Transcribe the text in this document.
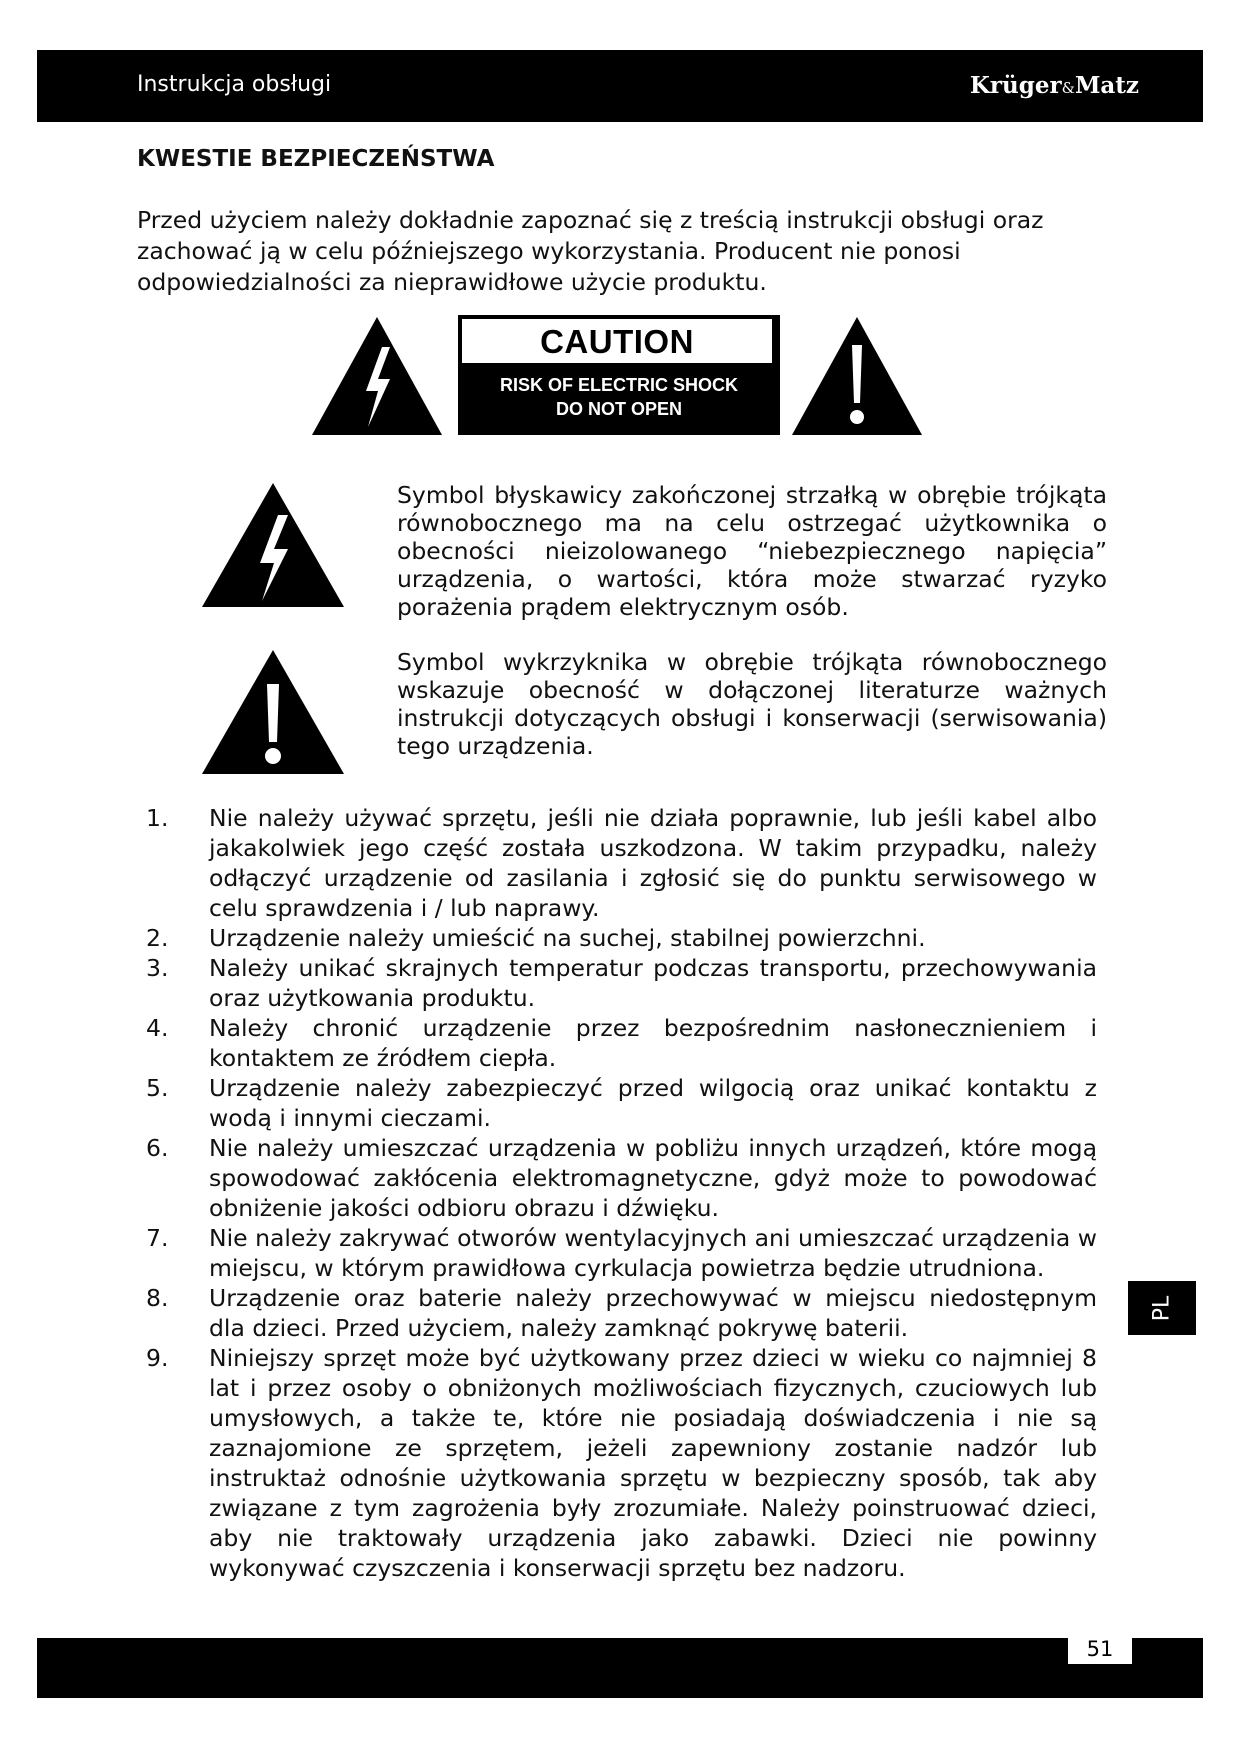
Instrukcja obsługi	Krüger&Matz
KWESTIE BEZPIECZEŃSTWA

Przed użyciem należy dokładnie zapoznać się z treścią instrukcji obsługi oraz zachować ją w celu późniejszego wykorzystania. Producent nie ponosi odpowiedzialności za nieprawidłowe użycie produktu.

CAUTION
RISK OF ELECTRIC SHOCK
DO NOT OPEN

Symbol błyskawicy zakończonej strzałką w obrębie trójkąta równobocznego ma na celu ostrzegać użytkownika o obecności nieizolowanego “niebezpiecznego napięcia” urządzenia, o wartości, która może stwarzać ryzyko porażenia prądem elektrycznym osób.

Symbol wykrzyknika w obrębie trójkąta równobocznego wskazuje obecność w dołączonej literaturze ważnych instrukcji dotyczących obsługi i konserwacji (serwisowania) tego urządzenia.

1. Nie należy używać sprzętu, jeśli nie działa poprawnie, lub jeśli kabel albo jakakolwiek jego część została uszkodzona. W takim przypadku, należy odłączyć urządzenie od zasilania i zgłosić się do punktu serwisowego w celu sprawdzenia i / lub naprawy.
2. Urządzenie należy umieścić na suchej, stabilnej powierzchni.
3. Należy unikać skrajnych temperatur podczas transportu, przechowywania oraz użytkowania produktu.
4. Należy chronić urządzenie przez bezpośrednim nasłonecznieniem i kontaktem ze źródłem ciepła.
5. Urządzenie należy zabezpieczyć przed wilgocią oraz unikać kontaktu z wodą i innymi cieczami.
6. Nie należy umieszczać urządzenia w pobliżu innych urządzeń, które mogą spowodować zakłócenia elektromagnetyczne, gdyż może to powodować obniżenie jakości odbioru obrazu i dźwięku.
7. Nie należy zakrywać otworów wentylacyjnych ani umieszczać urządzenia w miejscu, w którym prawidłowa cyrkulacja powietrza będzie utrudniona.
8. Urządzenie oraz baterie należy przechowywać w miejscu niedostępnym dla dzieci. Przed użyciem, należy zamknąć pokrywę baterii.
9. Niniejszy sprzęt może być użytkowany przez dzieci w wieku co najmniej 8 lat i przez osoby o obniżonych możliwościach fizycznych, czuciowych lub umysłowych, a także te, które nie posiadają doświadczenia i nie są zaznajomione ze sprzętem, jeżeli zapewniony zostanie nadzór lub instruktaż odnośnie użytkowania sprzętu w bezpieczny sposób, tak aby związane z tym zagrożenia były zrozumiałe. Należy poinstruować dzieci, aby nie traktowały urządzenia jako zabawki. Dzieci nie powinny wykonywać czyszczenia i konserwacji sprzętu bez nadzoru.
PL
51
